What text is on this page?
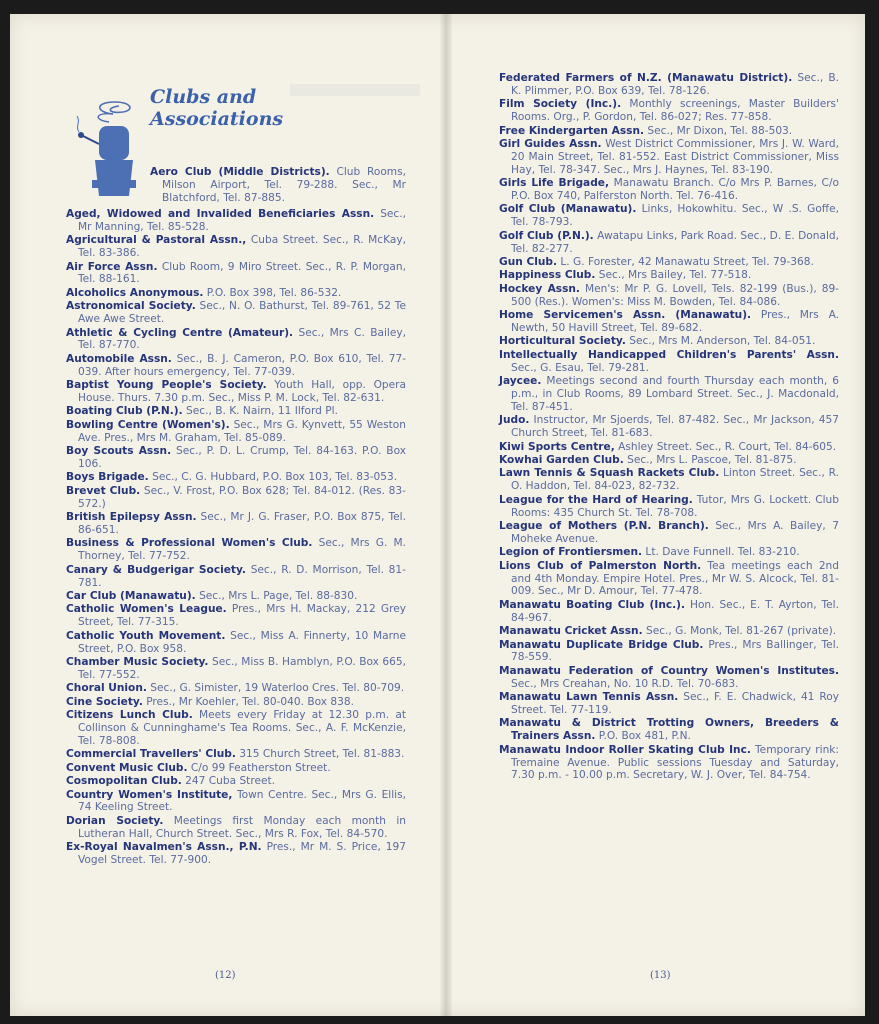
Clubs and
Associations

Aero Club (Middle Districts). Club Rooms, Milson Airport, Tel. 79-288. Sec., Mr Blatchford, Tel. 87-885.

Aged, Widowed and Invalided Beneficiaries Assn. Sec., Mr Manning, Tel. 85-528.

Agricultural & Pastoral Assn., Cuba Street. Sec., R. McKay, Tel. 83-386.

Air Force Assn. Club Room, 9 Miro Street. Sec., R. P. Morgan, Tel. 88-161.

Alcoholics Anonymous. P.O. Box 398, Tel. 86-532.

Astronomical Society. Sec., N. O. Bathurst, Tel. 89-761, 52 Te Awe Awe Street.

Athletic & Cycling Centre (Amateur). Sec., Mrs C. Bailey, Tel. 87-770.

Automobile Assn. Sec., B. J. Cameron, P.O. Box 610, Tel. 77-039. After hours emergency, Tel. 77-039.

Baptist Young People's Society. Youth Hall, opp. Opera House. Thurs. 7.30 p.m. Sec., Miss P. M. Lock, Tel. 82-631.

Boating Club (P.N.). Sec., B. K. Nairn, 11 Ilford Pl.

Bowling Centre (Women's). Sec., Mrs G. Kynvett, 55 Weston Ave. Pres., Mrs M. Graham, Tel. 85-089.

Boy Scouts Assn. Sec., P. D. L. Crump, Tel. 84-163. P.O. Box 106.

Boys Brigade. Sec., C. G. Hubbard, P.O. Box 103, Tel. 83-053.

Brevet Club. Sec., V. Frost, P.O. Box 628; Tel. 84-012. (Res. 83-572.)

British Epilepsy Assn. Sec., Mr J. G. Fraser, P.O. Box 875, Tel. 86-651.

Business & Professional Women's Club. Sec., Mrs G. M. Thorney, Tel. 77-752.

Canary & Budgerigar Society. Sec., R. D. Morrison, Tel. 81-781.

Car Club (Manawatu). Sec., Mrs L. Page, Tel. 88-830.

Catholic Women's League. Pres., Mrs H. Mackay, 212 Grey Street, Tel. 77-315.

Catholic Youth Movement. Sec., Miss A. Finnerty, 10 Marne Street, P.O. Box 958.

Chamber Music Society. Sec., Miss B. Hamblyn, P.O. Box 665, Tel. 77-552.

Choral Union. Sec., G. Simister, 19 Waterloo Cres. Tel. 80-709.

Cine Society. Pres., Mr Koehler, Tel. 80-040. Box 838.

Citizens Lunch Club. Meets every Friday at 12.30 p.m. at Collinson & Cunninghame's Tea Rooms. Sec., A. F. McKenzie, Tel. 78-808.

Commercial Travellers' Club. 315 Church Street, Tel. 81-883.

Convent Music Club. C/o 99 Featherston Street.

Cosmopolitan Club. 247 Cuba Street.

Country Women's Institute, Town Centre. Sec., Mrs G. Ellis, 74 Keeling Street.

Dorian Society. Meetings first Monday each month in Lutheran Hall, Church Street. Sec., Mrs R. Fox, Tel. 84-570.

Ex-Royal Navalmen's Assn., P.N. Pres., Mr M. S. Price, 197 Vogel Street. Tel. 77-900.

(12)

Federated Farmers of N.Z. (Manawatu District). Sec., B. K. Plimmer, P.O. Box 639, Tel. 78-126.

Film Society (Inc.). Monthly screenings, Master Builders' Rooms. Org., P. Gordon, Tel. 86-027; Res. 77-858.

Free Kindergarten Assn. Sec., Mr Dixon, Tel. 88-503.

Girl Guides Assn. West District Commissioner, Mrs J. W. Ward, 20 Main Street, Tel. 81-552. East District Commissioner, Miss Hay, Tel. 78-347. Sec., Mrs J. Haynes, Tel. 83-190.

Girls Life Brigade, Manawatu Branch. C/o Mrs P. Barnes, C/o P.O. Box 740, Palferston North. Tel. 76-416.

Golf Club (Manawatu). Links, Hokowhitu. Sec., W .S. Goffe, Tel. 78-793.

Golf Club (P.N.). Awatapu Links, Park Road. Sec., D. E. Donald, Tel. 82-277.

Gun Club. L. G. Forester, 42 Manawatu Street, Tel. 79-368.

Happiness Club. Sec., Mrs Bailey, Tel. 77-518.

Hockey Assn. Men's: Mr P. G. Lovell, Tels. 82-199 (Bus.), 89-500 (Res.). Women's: Miss M. Bowden, Tel. 84-086.

Home Servicemen's Assn. (Manawatu). Pres., Mrs A. Newth, 50 Havill Street, Tel. 89-682.

Horticultural Society. Sec., Mrs M. Anderson, Tel. 84-051.

Intellectually Handicapped Children's Parents' Assn. Sec., G. Esau, Tel. 79-281.

Jaycee. Meetings second and fourth Thursday each month, 6 p.m., in Club Rooms, 89 Lombard Street. Sec., J. Macdonald, Tel. 87-451.

Judo. Instructor, Mr Sjoerds, Tel. 87-482. Sec., Mr Jackson, 457 Church Street, Tel. 81-683.

Kiwi Sports Centre, Ashley Street. Sec., R. Court, Tel. 84-605.

Kowhai Garden Club. Sec., Mrs L. Pascoe, Tel. 81-875.

Lawn Tennis & Squash Rackets Club. Linton Street. Sec., R. O. Haddon, Tel. 84-023, 82-732.

League for the Hard of Hearing. Tutor, Mrs G. Lockett. Club Rooms: 435 Church St. Tel. 78-708.

League of Mothers (P.N. Branch). Sec., Mrs A. Bailey, 7 Moheke Avenue.

Legion of Frontiersmen. Lt. Dave Funnell. Tel. 83-210.

Lions Club of Palmerston North. Tea meetings each 2nd and 4th Monday. Empire Hotel. Pres., Mr W. S. Alcock, Tel. 81-009. Sec., Mr D. Amour, Tel. 77-478.

Manawatu Boating Club (Inc.). Hon. Sec., E. T. Ayrton, Tel. 84-967.

Manawatu Cricket Assn. Sec., G. Monk, Tel. 81-267 (private).

Manawatu Duplicate Bridge Club. Pres., Mrs Ballinger, Tel. 78-559.

Manawatu Federation of Country Women's Institutes. Sec., Mrs Creahan, No. 10 R.D. Tel. 70-683.

Manawatu Lawn Tennis Assn. Sec., F. E. Chadwick, 41 Roy Street. Tel. 77-119.

Manawatu & District Trotting Owners, Breeders & Trainers Assn. P.O. Box 481, P.N.

Manawatu Indoor Roller Skating Club Inc. Temporary rink: Tremaine Avenue. Public sessions Tuesday and Saturday, 7.30 p.m. - 10.00 p.m. Secretary, W. J. Over, Tel. 84-754.

(13)
